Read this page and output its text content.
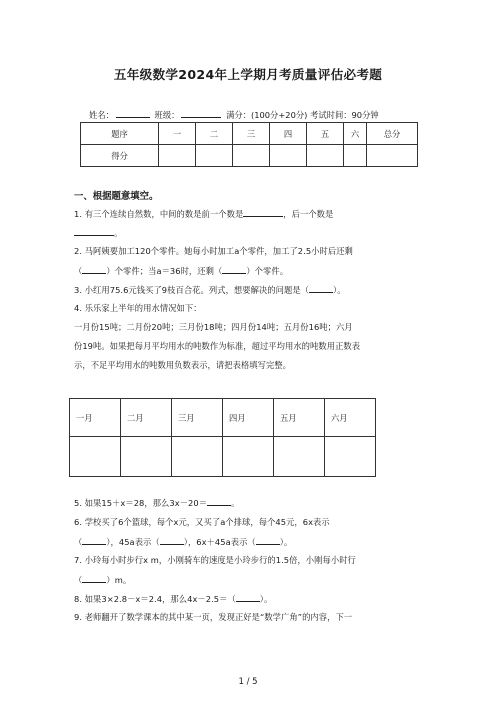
五年级数学2024年上学期月考质量评估必考题
姓名：	班级：	满分：(100分+20分) 考试时间：90分钟
题序	一	二	三	四	五	六	总分
得分							
一、根据题意填空。
1. 有三个连续自然数，中间的数是前一个数是	，后一个数是
。
2. 马阿姨要加工120个零件。她每小时加工a个零件，加工了2.5小时后还剩
（	）个零件；当a＝36时，还剩（	）个零件。
3. 小红用75.6元钱买了9枝百合花。列式，想要解决的问题是（	）。
4. 乐乐家上半年的用水情况如下：
一月份15吨；二月份20吨；三月份18吨；四月份14吨；五月份16吨；六月
份19吨。如果把每月平均用水的吨数作为标准，超过平均用水的吨数用正数表
示，不足平均用水的吨数用负数表示，请把表格填写完整。
一月	二月	三月	四月	五月	六月

5. 如果15＋x＝28，那么3x－20＝	。
6. 学校买了6个篮球，每个x元，又买了a个排球，每个45元，6x表示
（	），45a表示（	），6x＋45a表示（	）。
7. 小玲每小时步行x m，小刚骑车的速度是小玲步行的1.5倍，小刚每小时行
（	）m。
8. 如果3×2.8－x＝2.4，那么4x－2.5＝（	）。
9. 老师翻开了数学课本的其中某一页，发现正好是“数学广角”的内容，下一
1 / 5
